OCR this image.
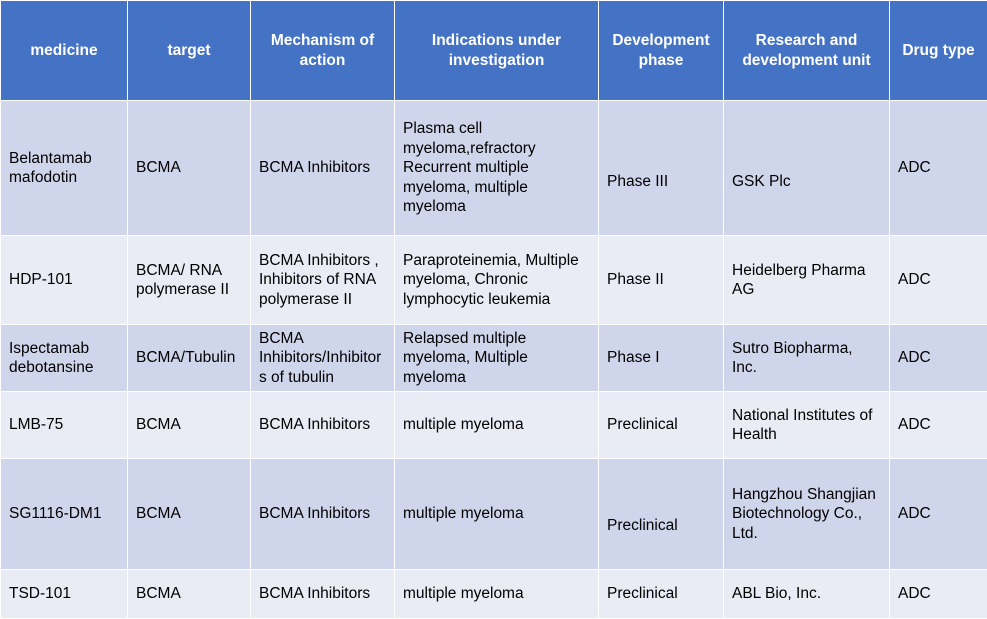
medicine	target	Mechanism of action	Indications under investigation	Development phase	Research and development unit	Drug type
Belantamab mafodotin	BCMA	BCMA Inhibitors	Plasma cell myeloma,refractory Recurrent multiple myeloma, multiple myeloma	Phase III	GSK Plc	ADC
HDP-101	BCMA/ RNA polymerase II	BCMA Inhibitors , Inhibitors of RNA polymerase II	Paraproteinemia, Multiple myeloma, Chronic lymphocytic leukemia	Phase II	Heidelberg Pharma AG	ADC
Ispectamab debotansine	BCMA/Tubulin	BCMA Inhibitors/Inhibitors of tubulin	Relapsed multiple myeloma, Multiple myeloma	Phase I	Sutro Biopharma, Inc.	ADC
LMB-75	BCMA	BCMA Inhibitors	multiple myeloma	Preclinical	National Institutes of Health	ADC
SG1116-DM1	BCMA	BCMA Inhibitors	multiple myeloma	Preclinical	Hangzhou Shangjian Biotechnology Co., Ltd.	ADC
TSD-101	BCMA	BCMA Inhibitors	multiple myeloma	Preclinical	ABL Bio, Inc.	ADC
